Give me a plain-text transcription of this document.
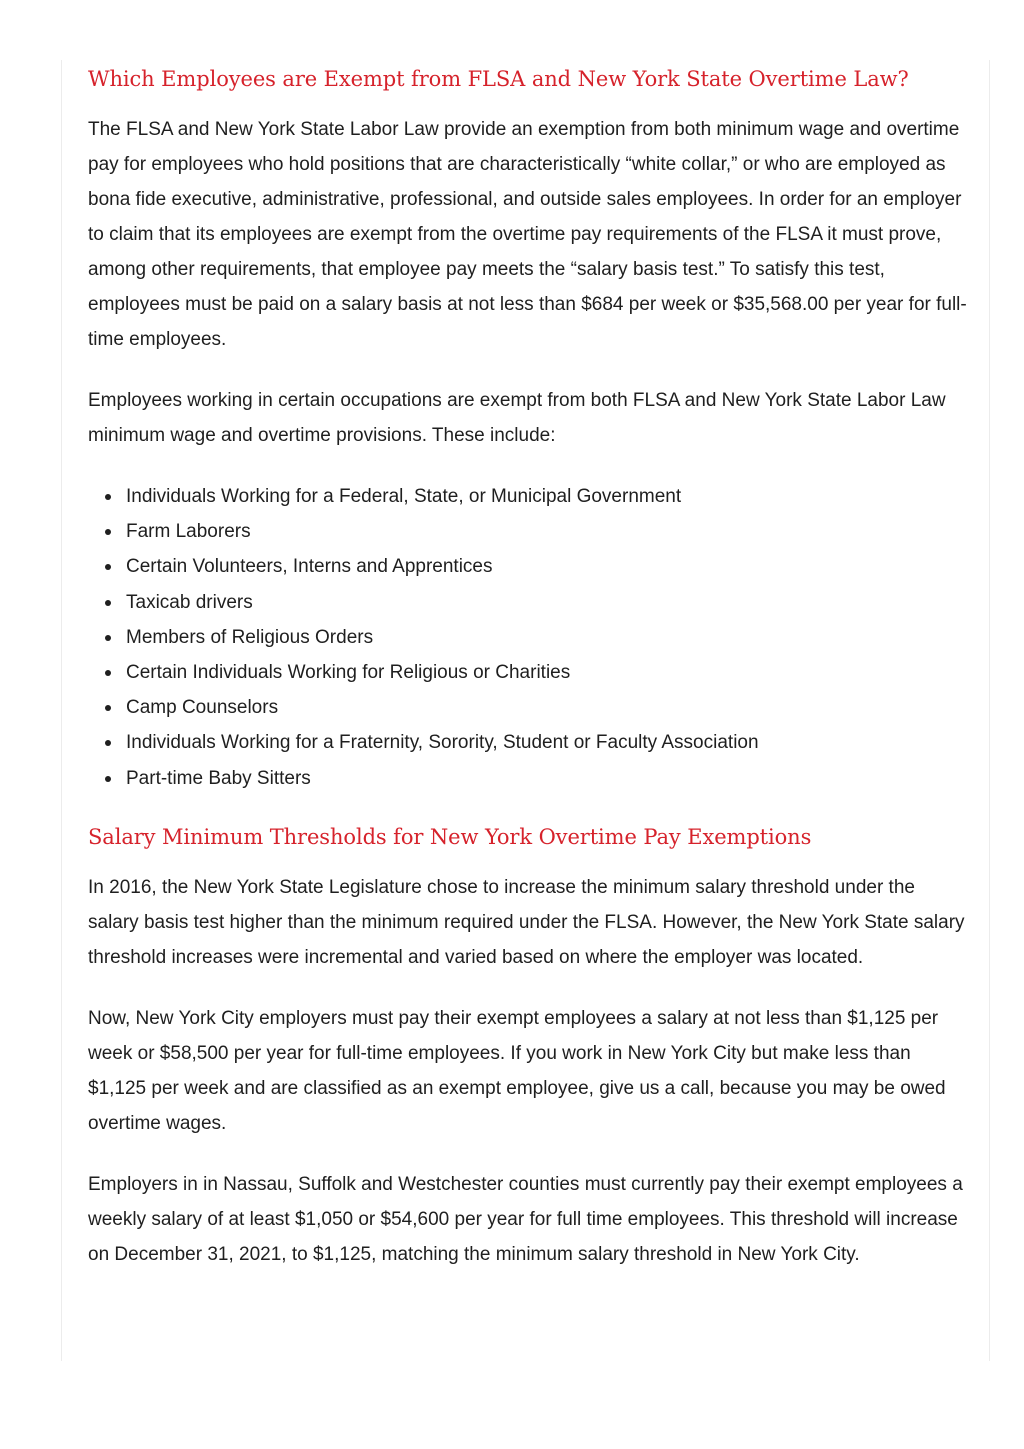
Which Employees are Exempt from FLSA and New York State Overtime Law?

The FLSA and New York State Labor Law provide an exemption from both minimum wage and overtime pay for employees who hold positions that are characteristically “white collar,” or who are employed as bona fide executive, administrative, professional, and outside sales employees. In order for an employer to claim that its employees are exempt from the overtime pay requirements of the FLSA it must prove, among other requirements, that employee pay meets the “salary basis test.” To satisfy this test, employees must be paid on a salary basis at not less than $684 per week or $35,568.00 per year for full-time employees.

Employees working in certain occupations are exempt from both FLSA and New York State Labor Law minimum wage and overtime provisions. These include:

Individuals Working for a Federal, State, or Municipal Government
Farm Laborers
Certain Volunteers, Interns and Apprentices
Taxicab drivers
Members of Religious Orders
Certain Individuals Working for Religious or Charities
Camp Counselors
Individuals Working for a Fraternity, Sorority, Student or Faculty Association
Part-time Baby Sitters
Salary Minimum Thresholds for New York Overtime Pay Exemptions

In 2016, the New York State Legislature chose to increase the minimum salary threshold under the salary basis test higher than the minimum required under the FLSA. However, the New York State salary threshold increases were incremental and varied based on where the employer was located.

Now, New York City employers must pay their exempt employees a salary at not less than $1,125 per week or $58,500 per year for full-time employees. If you work in New York City but make less than $1,125 per week and are classified as an exempt employee, give us a call, because you may be owed overtime wages.

Employers in in Nassau, Suffolk and Westchester counties must currently pay their exempt employees a weekly salary of at least $1,050 or $54,600 per year for full time employees. This threshold will increase on December 31, 2021, to $1,125, matching the minimum salary threshold in New York City.
